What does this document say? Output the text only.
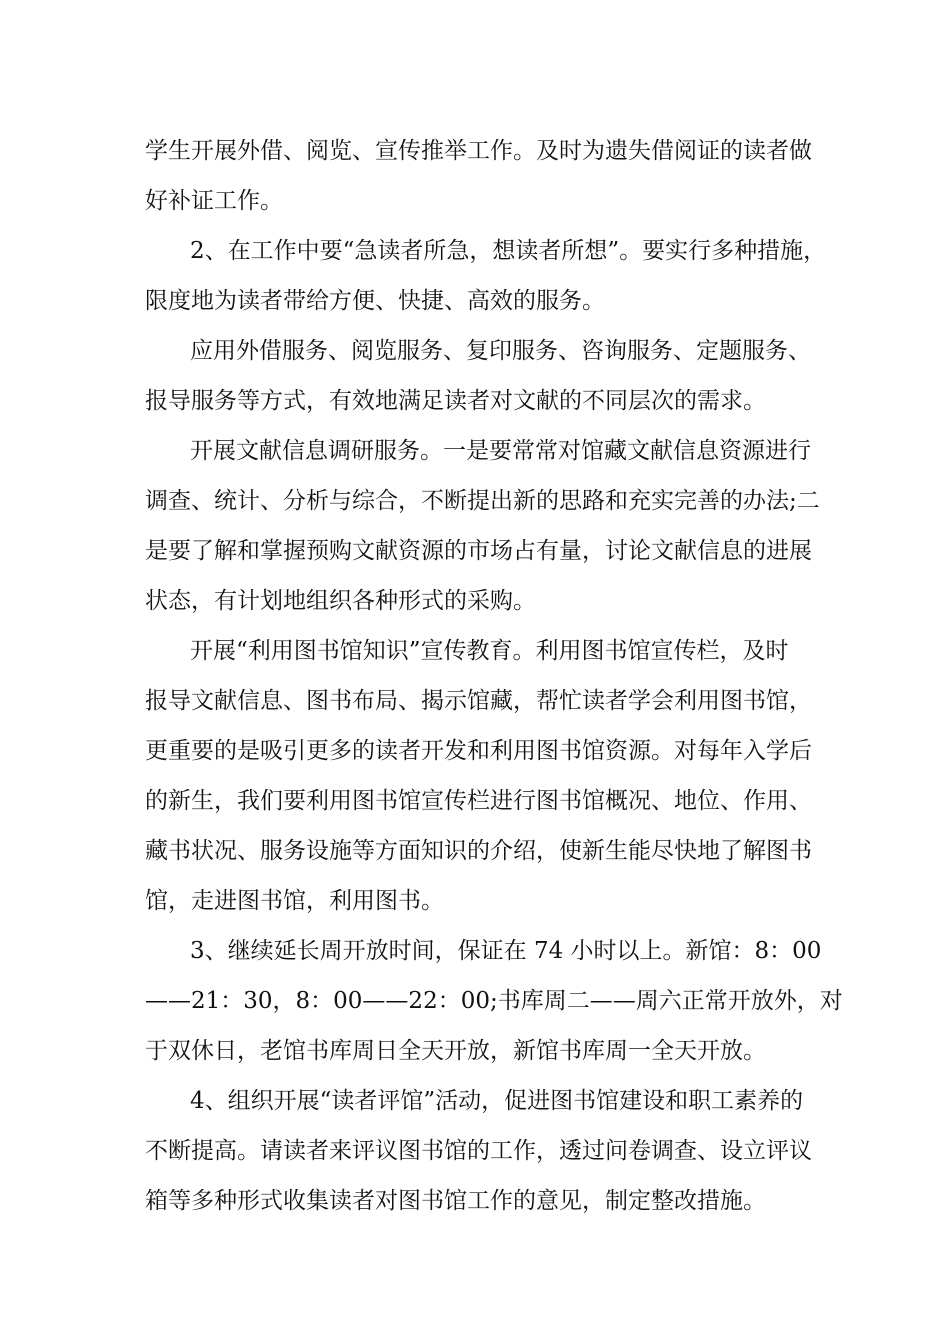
学生开展外借、阅览、宣传推举工作。及时为遗失借阅证的读者做
好补证工作。
2、在工作中要“急读者所急，想读者所想”。要实行多种措施，
限度地为读者带给方便、快捷、高效的服务。
应用外借服务、阅览服务、复印服务、咨询服务、定题服务、
报导服务等方式，有效地满足读者对文献的不同层次的需求。
开展文献信息调研服务。一是要常常对馆藏文献信息资源进行
调查、统计、分析与综合，不断提出新的思路和充实完善的办法;二
是要了解和掌握预购文献资源的市场占有量，讨论文献信息的进展
状态，有计划地组织各种形式的采购。
开展“利用图书馆知识”宣传教育。利用图书馆宣传栏，及时
报导文献信息、图书布局、揭示馆藏，帮忙读者学会利用图书馆，
更重要的是吸引更多的读者开发和利用图书馆资源。对每年入学后
的新生，我们要利用图书馆宣传栏进行图书馆概况、地位、作用、
藏书状况、服务设施等方面知识的介绍，使新生能尽快地了解图书
馆，走进图书馆，利用图书。
3、继续延长周开放时间，保证在 74 小时以上。新馆：8：00
——21：30，8：00——22：00;书库周二——周六正常开放外，对
于双休日，老馆书库周日全天开放，新馆书库周一全天开放。
4、组织开展“读者评馆”活动，促进图书馆建设和职工素养的
不断提高。请读者来评议图书馆的工作，透过问卷调查、设立评议
箱等多种形式收集读者对图书馆工作的意见，制定整改措施。
